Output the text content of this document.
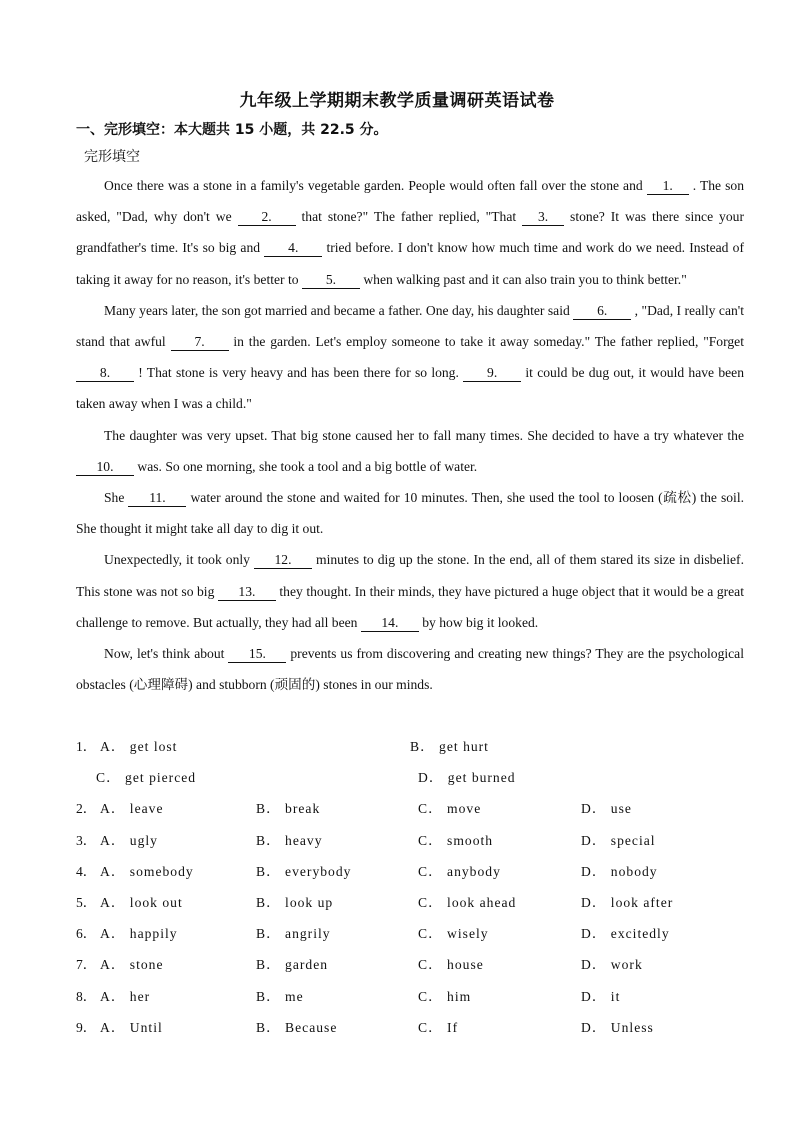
九年级上学期期末教学质量调研英语试卷
一、完形填空：本大题共 15 小题，共 22.5 分。
完形填空

Once there was a stone in a family's vegetable garden. People would often fall over the stone and 1. . The son asked, "Dad, why don't we 2. that stone?" The father replied, "That 3. stone? It was there since your grandfather's time. It's so big and 4. tried before. I don't know how much time and work do we need. Instead of taking it away for no reason, it's better to 5. when walking past and it can also train you to think better."

Many years later, the son got married and became a father. One day, his daughter said 6. , "Dad, I really can't stand that awful 7. in the garden. Let's employ someone to take it away someday." The father replied, "Forget 8. ! That stone is very heavy and has been there for so long. 9. it could be dug out, it would have been taken away when I was a child."

The daughter was very upset. That big stone caused her to fall many times. She decided to have a try whatever the 10. was. So one morning, she took a tool and a big bottle of water.

She 11. water around the stone and waited for 10 minutes. Then, she used the tool to loosen (疏松) the soil. She thought it might take all day to dig it out.

Unexpectedly, it took only 12. minutes to dig up the stone. In the end, all of them stared its size in disbelief. This stone was not so big 13. they thought. In their minds, they have pictured a huge object that it would be a great challenge to remove. But actually, they had all been 14. by how big it looked.

Now, let's think about 15. prevents us from discovering and creating new things? They are the psychological obstacles (心理障碍) and stubborn (顽固的) stones in our minds.

1． A． get lost	B． get hurt
C． get pierced	D． get burned
2． A． leave	B． break	C． move	D． use
3． A． ugly	B． heavy	C． smooth	D． special
4． A． somebody	B． everybody	C． anybody	D． nobody
5． A． look out	B． look up	C． look ahead	D． look after
6． A． happily	B． angrily	C． wisely	D． excitedly
7． A． stone	B． garden	C． house	D． work
8． A． her	B． me	C． him	D． it
9． A． Until	B． Because	C． If	D． Unless
